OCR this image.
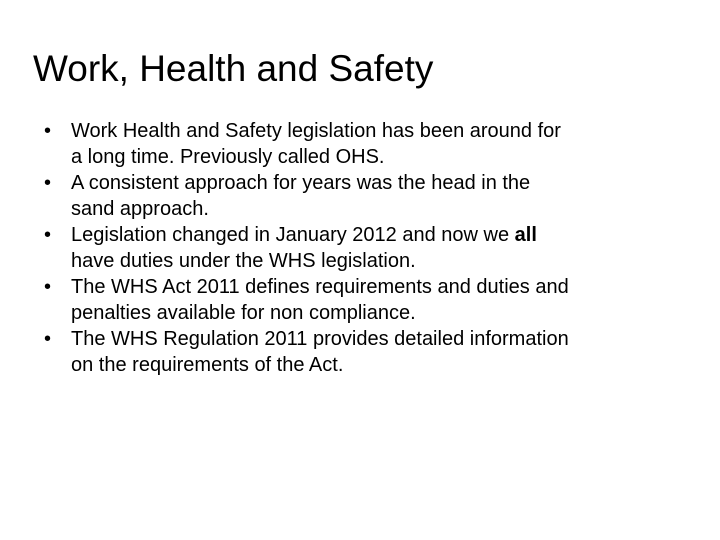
Work, Health and Safety
• Work Health and Safety legislation has been around for
a long time. Previously called OHS.
• A consistent approach for years was the head in the
sand approach.
• Legislation changed in January 2012 and now we all
have duties under the WHS legislation.
• The WHS Act 2011 defines requirements and duties and
penalties available for non compliance.
• The WHS Regulation 2011 provides detailed information
on the requirements of the Act.
